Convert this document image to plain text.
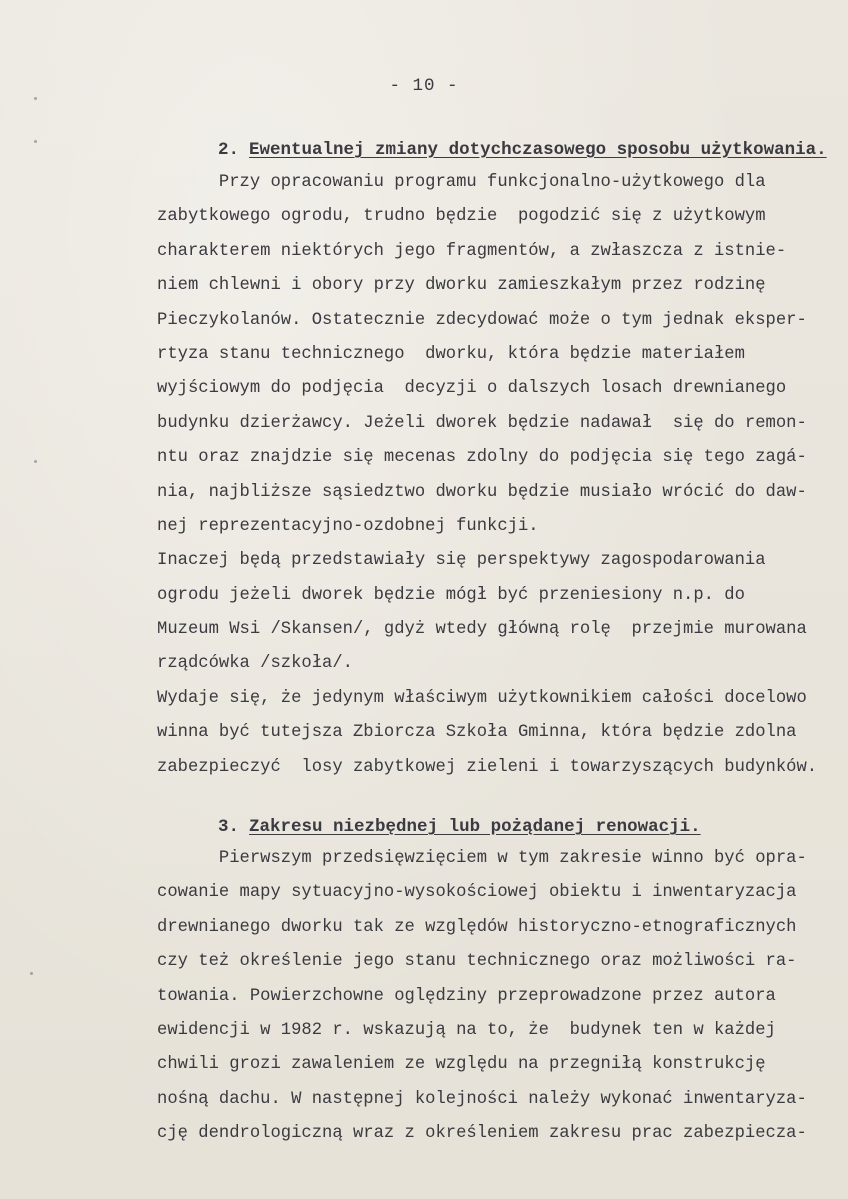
- 10 -

2. Ewentualnej zmiany dotychczasowego sposobu użytkowania.

Przy opracowaniu programu funkcjonalno-użytkowego dla
zabytkowego ogrodu, trudno będzie  pogodzić się z użytkowym
charakterem niektórych jego fragmentów, a zwłaszcza z istnie-
niem chlewni i obory przy dworku zamieszkałym przez rodzinę
Pieczykolanów. Ostatecznie zdecydować może o tym jednak eksper-
rtyza stanu technicznego  dworku, która będzie materiałem
wyjściowym do podjęcia  decyzji o dalszych losach drewnianego
budynku dzierżawcy. Jeżeli dworek będzie nadawał  się do remon-
ntu oraz znajdzie się mecenas zdolny do podjęcia się tego zagá-
nia, najbliższe sąsiedztwo dworku będzie musiało wrócić do daw-
nej reprezentacyjno-ozdobnej funkcji.
Inaczej będą przedstawiały się perspektywy zagospodarowania
ogrodu jeżeli dworek będzie mógł być przeniesiony n.p. do
Muzeum Wsi /Skansen/, gdyż wtedy główną rolę  przejmie murowana
rządcówka /szkoła/.
Wydaje się, że jedynym właściwym użytkownikiem całości docelowo
winna być tutejsza Zbiorcza Szkoła Gminna, która będzie zdolna
zabezpieczyć  losy zabytkowej zieleni i towarzyszących budynków.

3. Zakresu niezbędnej lub pożądanej renowacji.

Pierwszym przedsięwzięciem w tym zakresie winno być opra-
cowanie mapy sytuacyjno-wysokościowej obiektu i inwentaryzacja
drewnianego dworku tak ze względów historyczno-etnograficznych
czy też określenie jego stanu technicznego oraz możliwości ra-
towania. Powierzchowne oględziny przeprowadzone przez autora
ewidencji w 1982 r. wskazują na to, że  budynek ten w każdej
chwili grozi zawaleniem ze względu na przegniłą konstrukcję
nośną dachu. W następnej kolejności należy wykonać inwentaryza-
cję dendrologiczną wraz z określeniem zakresu prac zabezpiecza-
